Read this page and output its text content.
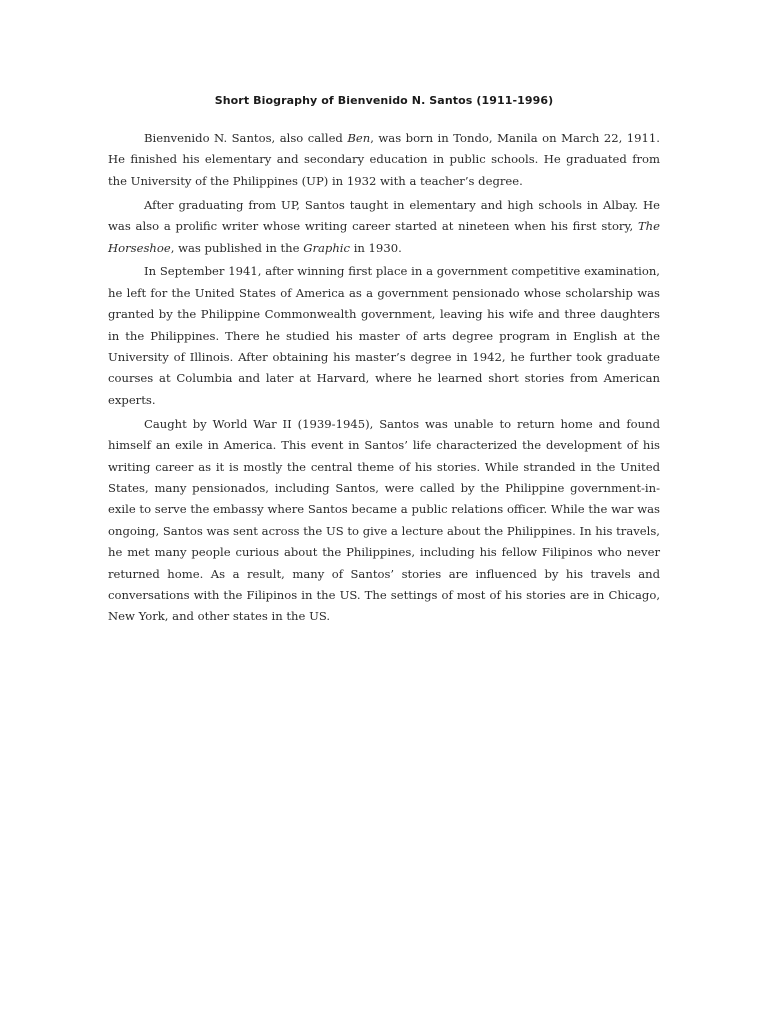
Short Biography of Bienvenido N. Santos (1911-1996)

Bienvenido N. Santos, also called Ben, was born in Tondo, Manila on March 22, 1911. He finished his elementary and secondary education in public schools. He graduated from the University of the Philippines (UP) in 1932 with a teacher’s degree.

After graduating from UP, Santos taught in elementary and high schools in Albay. He was also a prolific writer whose writing career started at nineteen when his first story, The Horseshoe, was published in the Graphic in 1930.

In September 1941, after winning first place in a government competitive examination, he left for the United States of America as a government pensionado whose scholarship was granted by the Philippine Commonwealth government, leaving his wife and three daughters in the Philippines. There he studied his master of arts degree program in English at the University of Illinois. After obtaining his master’s degree in 1942, he further took graduate courses at Columbia and later at Harvard, where he learned short stories from American experts.

Caught by World War II (1939-1945), Santos was unable to return home and found himself an exile in America. This event in Santos’ life characterized the development of his writing career as it is mostly the central theme of his stories. While stranded in the United States, many pensionados, including Santos, were called by the Philippine government-in-exile to serve the embassy where Santos became a public relations officer. While the war was ongoing, Santos was sent across the US to give a lecture about the Philippines. In his travels, he met many people curious about the Philippines, including his fellow Filipinos who never returned home. As a result, many of Santos’ stories are influenced by his travels and conversations with the Filipinos in the US. The settings of most of his stories are in Chicago, New York, and other states in the US.
